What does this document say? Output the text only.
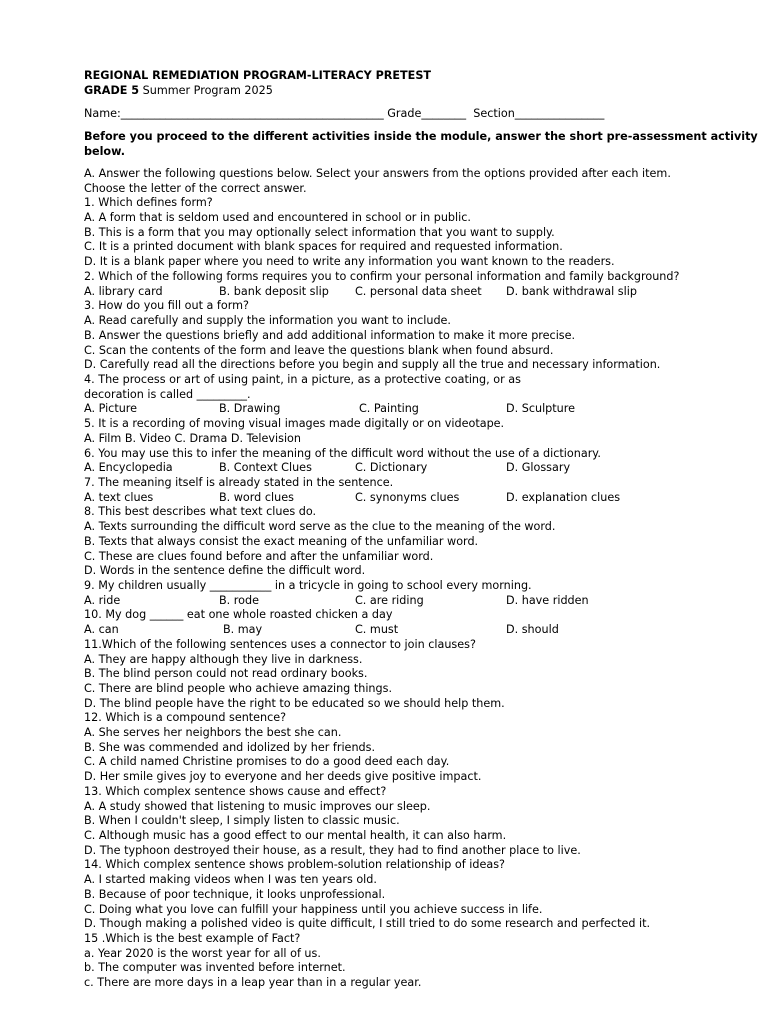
REGIONAL REMEDIATION PROGRAM-LITERACY PRETEST
GRADE 5 Summer Program 2025
Name:_______________________________________________ Grade________ Section________________
Before you proceed to the different activities inside the module, answer the short pre-assessment activity
below.
A. Answer the following questions below. Select your answers from the options provided after each item.
Choose the letter of the correct answer.
1. Which defines form?
A. A form that is seldom used and encountered in school or in public.
B. This is a form that you may optionally select information that you want to supply.
C. It is a printed document with blank spaces for required and requested information.
D. It is a blank paper where you need to write any information you want known to the readers.
2. Which of the following forms requires you to confirm your personal information and family background?

A. library card

	B. bank deposit slip

C. personal data sheet

D. bank withdrawal slip

3. How do you fill out a form?
A. Read carefully and supply the information you want to include.
B. Answer the questions briefly and add additional information to make it more precise.
C. Scan the contents of the form and leave the questions blank when found absurd.
D. Carefully read all the directions before you begin and supply all the true and necessary information.
4. The process or art of using paint, in a picture, as a protective coating, or as
decoration is called _________.

A. Picture

	B. Drawing

	C. Painting

	D. Sculpture

5. It is a recording of moving visual images made digitally or on videotape.
A. Film B. Video C. Drama D. Television
6. You may use this to infer the meaning of the difficult word without the use of a dictionary.

A. Encyclopedia

	B. Context Clues

	C. Dictionary

	D. Glossary

7. The meaning itself is already stated in the sentence.

A. text clues

	B. word clues

	C. synonyms clues

	D. explanation clues

8. This best describes what text clues do.
A. Texts surrounding the difficult word serve as the clue to the meaning of the word.
B. Texts that always consist the exact meaning of the unfamiliar word.
C. These are clues found before and after the unfamiliar word.
D. Words in the sentence define the difficult word.
9. My children usually ___________ in a tricycle in going to school every morning.

A. ride

	B. rode

	C. are riding

	D. have ridden

10. My dog ______ eat one whole roasted chicken a day

A. can

	B. may

	C. must

	D. should

11.Which of the following sentences uses a connector to join clauses?
A. They are happy although they live in darkness.
B. The blind person could not read ordinary books.
C. There are blind people who achieve amazing things.
D. The blind people have the right to be educated so we should help them.
12. Which is a compound sentence?
A. She serves her neighbors the best she can.
B. She was commended and idolized by her friends.
C. A child named Christine promises to do a good deed each day.
D. Her smile gives joy to everyone and her deeds give positive impact.
13. Which complex sentence shows cause and effect?
A. A study showed that listening to music improves our sleep.
B. When I couldn't sleep, I simply listen to classic music.
C. Although music has a good effect to our mental health, it can also harm.
D. The typhoon destroyed their house, as a result, they had to find another place to live.
14. Which complex sentence shows problem-solution relationship of ideas?
A. I started making videos when I was ten years old.
B. Because of poor technique, it looks unprofessional.
C. Doing what you love can fulfill your happiness until you achieve success in life.
D. Though making a polished video is quite difficult, I still tried to do some research and perfected it.
15 .Which is the best example of Fact?
a. Year 2020 is the worst year for all of us.
b. The computer was invented before internet.
c. There are more days in a leap year than in a regular year.
